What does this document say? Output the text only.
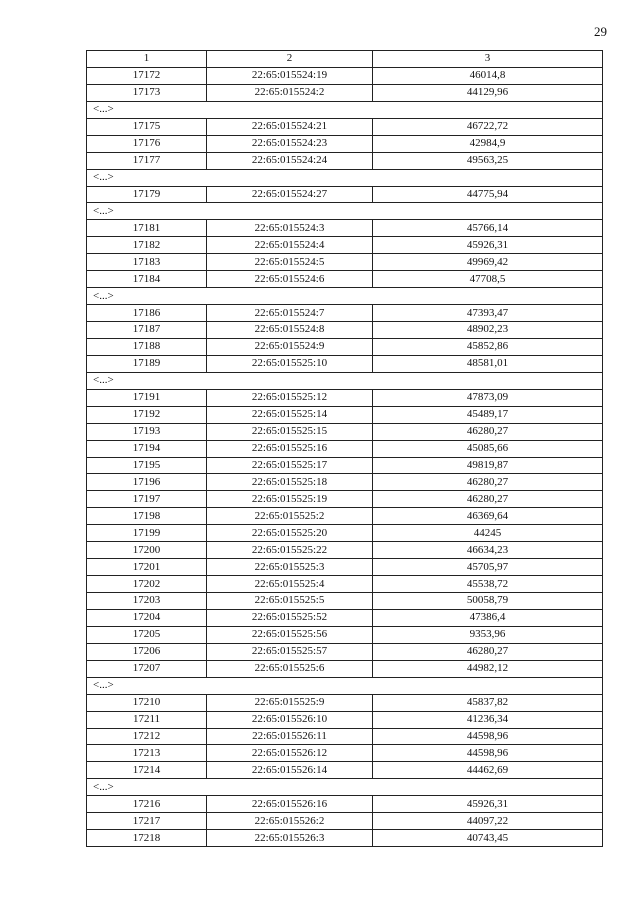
29
1	2	3
17172	22:65:015524:19	46014,8
17173	22:65:015524:2	44129,96
<...>		
17175	22:65:015524:21	46722,72
17176	22:65:015524:23	42984,9
17177	22:65:015524:24	49563,25
<...>		
17179	22:65:015524:27	44775,94
<...>		
17181	22:65:015524:3	45766,14
17182	22:65:015524:4	45926,31
17183	22:65:015524:5	49969,42
17184	22:65:015524:6	47708,5
<...>		
17186	22:65:015524:7	47393,47
17187	22:65:015524:8	48902,23
17188	22:65:015524:9	45852,86
17189	22:65:015525:10	48581,01
<...>		
17191	22:65:015525:12	47873,09
17192	22:65:015525:14	45489,17
17193	22:65:015525:15	46280,27
17194	22:65:015525:16	45085,66
17195	22:65:015525:17	49819,87
17196	22:65:015525:18	46280,27
17197	22:65:015525:19	46280,27
17198	22:65:015525:2	46369,64
17199	22:65:015525:20	44245
17200	22:65:015525:22	46634,23
17201	22:65:015525:3	45705,97
17202	22:65:015525:4	45538,72
17203	22:65:015525:5	50058,79
17204	22:65:015525:52	47386,4
17205	22:65:015525:56	9353,96
17206	22:65:015525:57	46280,27
17207	22:65:015525:6	44982,12
<...>		
17210	22:65:015525:9	45837,82
17211	22:65:015526:10	41236,34
17212	22:65:015526:11	44598,96
17213	22:65:015526:12	44598,96
17214	22:65:015526:14	44462,69
<...>		
17216	22:65:015526:16	45926,31
17217	22:65:015526:2	44097,22
17218	22:65:015526:3	40743,45
